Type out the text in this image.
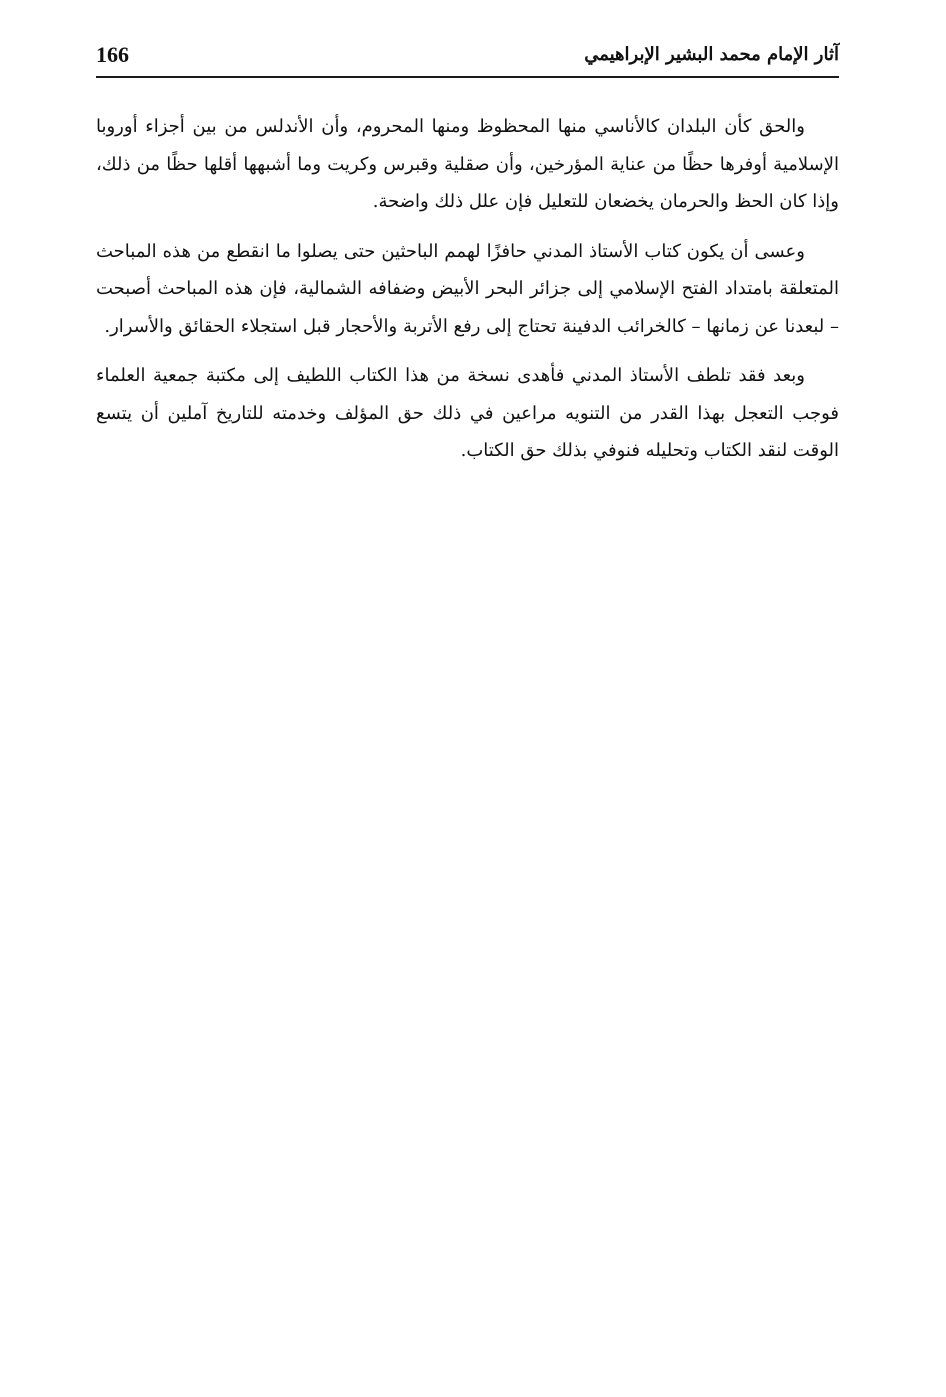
166	آثار الإمام محمد البشير الإبراهيمي

والحق كأن البلدان كالأناسي منها المحظوظ ومنها المحروم، وأن الأندلس من بين أجزاء أوروبا الإسلامية أوفرها حظًا من عناية المؤرخين، وأن صقلية وقبرس وكريت وما أشبهها أقلها حظًا من ذلك، وإذا كان الحظ والحرمان يخضعان للتعليل فإن علل ذلك واضحة.

وعسى أن يكون كتاب الأستاذ المدني حافزًا لهمم الباحثين حتى يصلوا ما انقطع من هذه المباحث المتعلقة بامتداد الفتح الإسلامي إلى جزائر البحر الأبيض وضفافه الشمالية، فإن هذه المباحث أصبحت – لبعدنا عن زمانها – كالخرائب الدفينة تحتاج إلى رفع الأتربة والأحجار قبل استجلاء الحقائق والأسرار.

وبعد فقد تلطف الأستاذ المدني فأهدى نسخة من هذا الكتاب اللطيف إلى مكتبة جمعية العلماء فوجب التعجل بهذا القدر من التنويه مراعين في ذلك حق المؤلف وخدمته للتاريخ آملين أن يتسع الوقت لنقد الكتاب وتحليله فنوفي بذلك حق الكتاب.
